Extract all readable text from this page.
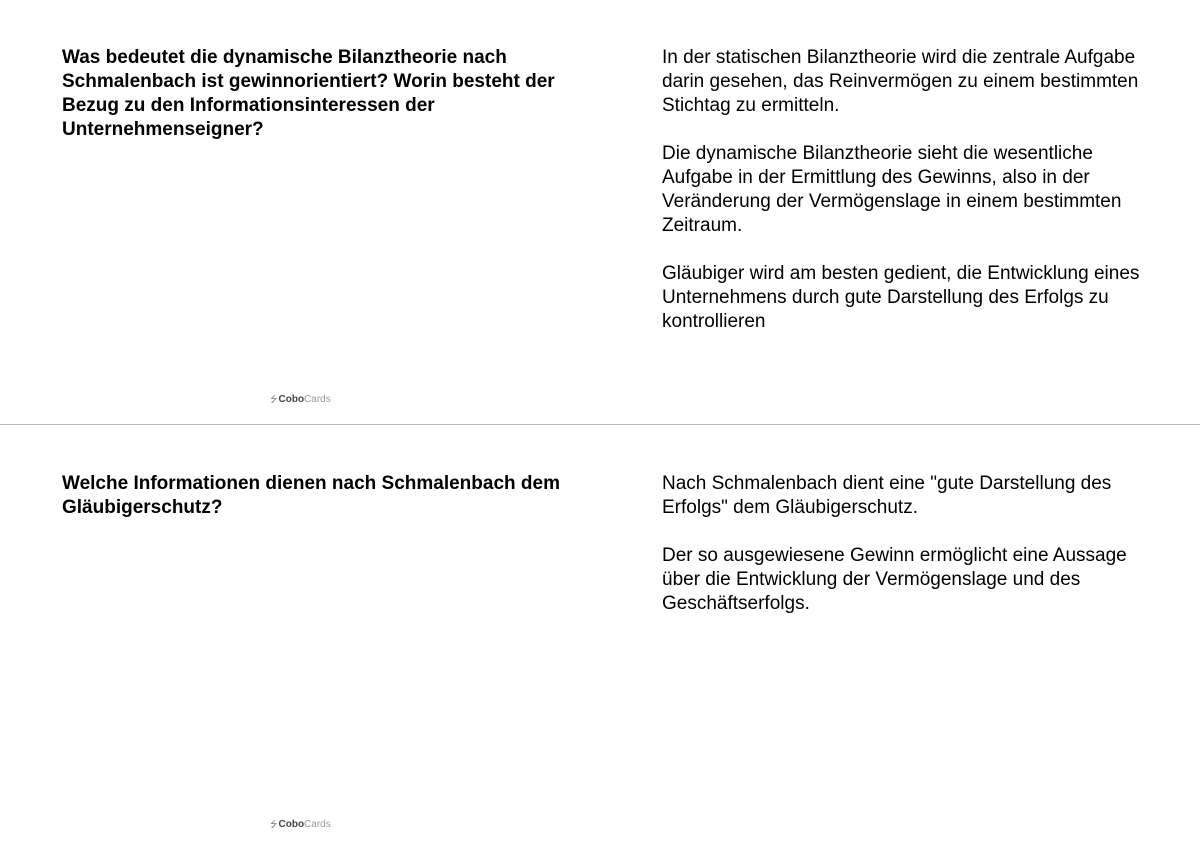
Was bedeutet die dynamische Bilanztheorie nach Schmalenbach ist gewinnorientiert? Worin besteht der Bezug zu den Informationsinteressen der Unternehmenseigner?

In der statischen Bilanztheorie wird die zentrale Aufgabe darin gesehen, das Reinvermögen zu einem bestimmten Stichtag zu ermitteln.

Die dynamische Bilanztheorie sieht die wesentliche Aufgabe in der Ermittlung des Gewinns, also in der Veränderung der Vermögenslage in einem bestimmten Zeitraum.

Gläubiger wird am besten gedient, die Entwicklung eines Unternehmens durch gute Darstellung des Erfolgs zu kontrollieren

⭍CoboCards

Welche Informationen dienen nach Schmalenbach dem Gläubigerschutz?

Nach Schmalenbach dient eine "gute Darstellung des Erfolgs" dem Gläubigerschutz.

Der so ausgewiesene Gewinn ermöglicht eine Aussage über die Entwicklung der Vermögenslage und des Geschäftserfolgs.

⭍CoboCards
